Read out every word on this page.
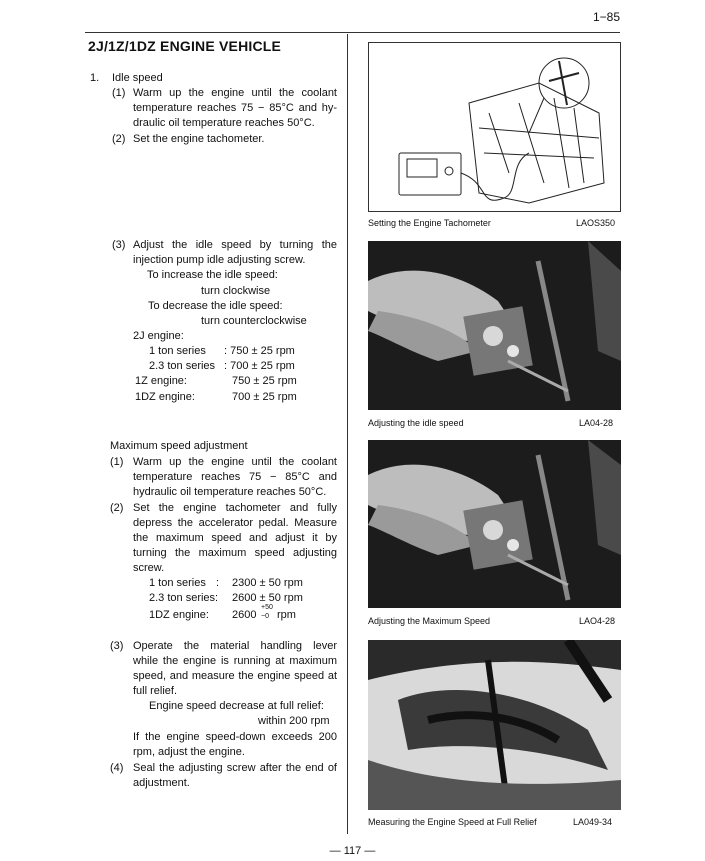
1−85
2J/1Z/1DZ ENGINE VEHICLE
1. Idle speed
(1) Warm up the engine until the coolant
temperature reaches 75 − 85°C and hy-
draulic oil temperature reaches 50°C.
(2) Set the engine tachometer.
(3) Adjust the idle speed by turning the
injection pump idle adjusting screw.
To increase the idle speed:
turn clockwise
To decrease the idle speed:
turn counterclockwise
2J engine:
1 ton series : 750 ± 25 rpm
2.3 ton series : 700 ± 25 rpm
1Z engine:	750 ± 25 rpm
1DZ engine:	700 ± 25 rpm
Maximum speed adjustment
(1) Warm up the engine until the coolant
temperature reaches 75 − 85°C and
hydraulic oil temperature reaches 50°C.
(2) Set the engine tachometer and fully
depress the accelerator pedal. Measure
the maximum speed and adjust it by
turning the maximum speed adjusting
screw.
1 ton series : 2300 ± 50 rpm
2.3 ton series: 2600 ± 50 rpm
1DZ engine: 2600
+50
−0 rpm
(3) Operate the material handling lever
while the engine is running at maximum
speed, and measure the engine speed at
full relief.
Engine speed decrease at full relief:
within 200 rpm
If the engine speed-down exceeds 200
rpm, adjust the engine.
(4) Seal the adjusting screw after the end of
adjustment.
Setting the Engine Tachometer	LAOS350
Adjusting the idle speed	LA04-28
Adjusting the Maximum Speed	LAO4-28
Measuring the Engine Speed at Full Relief	LA049-34
— 117 —
